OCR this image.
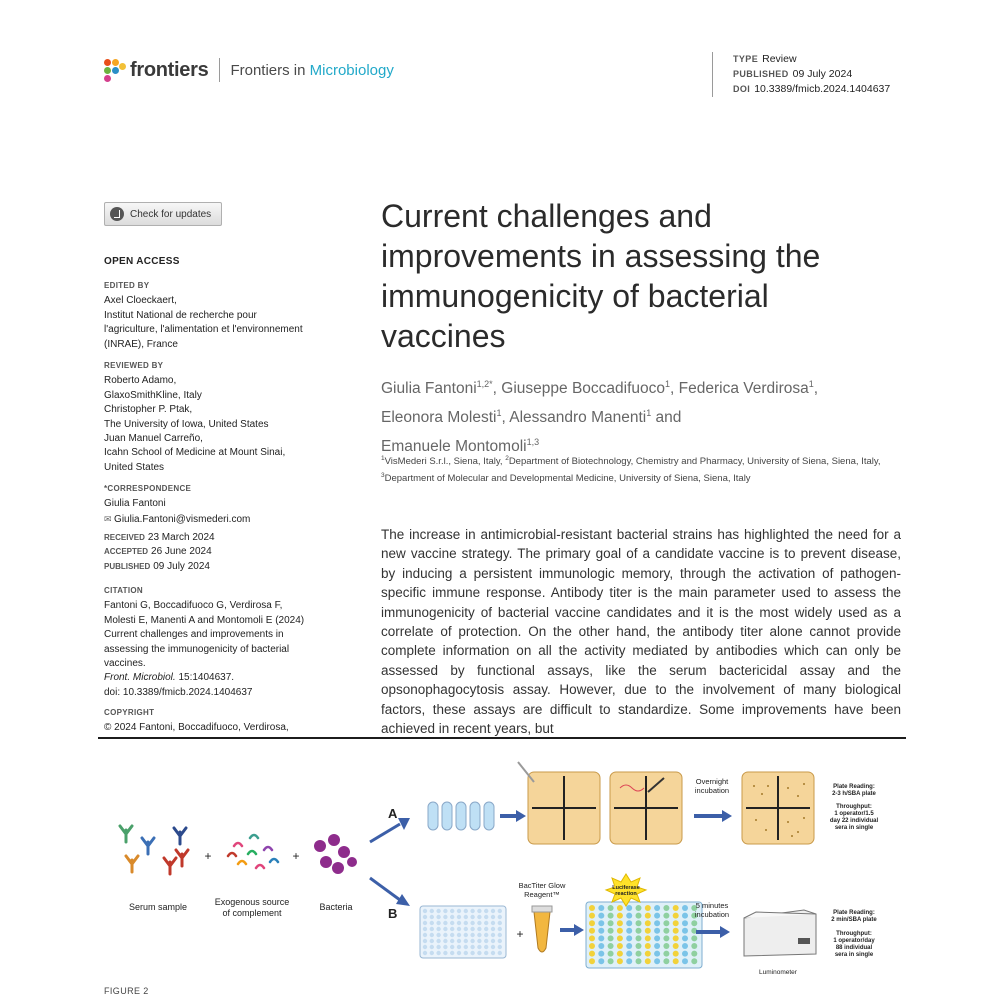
frontiers Frontiers in Microbiology
TYPE Review
PUBLISHED 09 July 2024
DOI 10.3389/fmicb.2024.1404637
Check for updates
OPEN ACCESS
EDITED BY
Axel Cloeckaert,
Institut National de recherche pour
l'agriculture, l'alimentation et l'environnement
(INRAE), France
REVIEWED BY
Roberto Adamo,
GlaxoSmithKline, Italy
Christopher P. Ptak,
The University of Iowa, United States
Juan Manuel Carreño,
Icahn School of Medicine at Mount Sinai,
United States
*CORRESPONDENCE
Giulia Fantoni
✉ Giulia.Fantoni@vismederi.com
RECEIVED 23 March 2024
ACCEPTED 26 June 2024
PUBLISHED 09 July 2024
CITATION
Fantoni G, Boccadifuoco G, Verdirosa F,
Molesti E, Manenti A and Montomoli E (2024)
Current challenges and improvements in
assessing the immunogenicity of bacterial
vaccines.
Front. Microbiol. 15:1404637.
doi: 10.3389/fmicb.2024.1404637
COPYRIGHT
© 2024 Fantoni, Boccadifuoco, Verdirosa,
Current challenges and improvements in assessing the immunogenicity of bacterial vaccines
Giulia Fantoni$^{1,2*}$, Giuseppe Boccadifuoco$^1$, Federica Verdirosa$^1$,
Eleonora Molesti$^1$, Alessandro Manenti$^1$ and
Emanuele Montomoli$^{1,3}$
$^1$VisMederi S.r.l., Siena, Italy, $^2$Department of Biotechnology, Chemistry and Pharmacy, University of Siena, Siena, Italy, $^3$Department of Molecular and Developmental Medicine, University of Siena, Siena, Italy
The increase in antimicrobial-resistant bacterial strains has highlighted the need for a new vaccine strategy. The primary goal of a candidate vaccine is to prevent disease, by inducing a persistent immunologic memory, through the activation of pathogen-specific immune response. Antibody titer is the main parameter used to assess the immunogenicity of bacterial vaccine candidates and it is the most widely used as a correlate of protection. On the other hand, the antibody titer alone cannot provide complete information on all the activity mediated by antibodies which can only be assessed by functional assays, like the serum bactericidal assay and the opsonophagocytosis assay. However, due to the involvement of many biological factors, these assays are difficult to standardize. Some improvements have been achieved in recent years, but
Serum sample
+
Exogenous source
of complement
+
Bacteria
A
B
Overnight
incubation	Plate Reading:
2-3 h/SBA plate
Throughput:
1 operator/1.5
day 22 individual
sera in single
+
BacTiter Glow
Reagent™
Luciferase
reaction
5 minutes
incubation
Luminometer
Plate Reading:
2 min/SBA plate
Throughput:
1 operator/day
88 individual
sera in single
FIGURE 2
